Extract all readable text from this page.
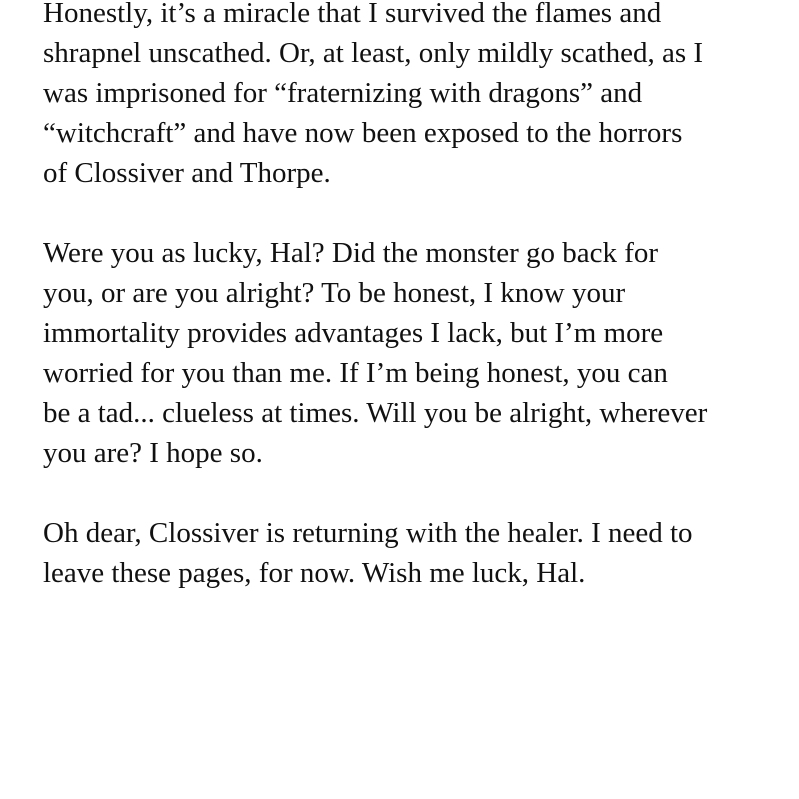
Honestly, it’s a miracle that I survived the flames and
shrapnel unscathed. Or, at least, only mildly scathed, as I
was imprisoned for “fraternizing with dragons” and
“witchcraft” and have now been exposed to the horrors
of Clossiver and Thorpe.

Were you as lucky, Hal? Did the monster go back for
you, or are you alright? To be honest, I know your
immortality provides advantages I lack, but I’m more
worried for you than me. If I’m being honest, you can
be a tad... clueless at times. Will you be alright, wherever
you are? I hope so.

Oh dear, Clossiver is returning with the healer. I need to
leave these pages, for now. Wish me luck, Hal.
